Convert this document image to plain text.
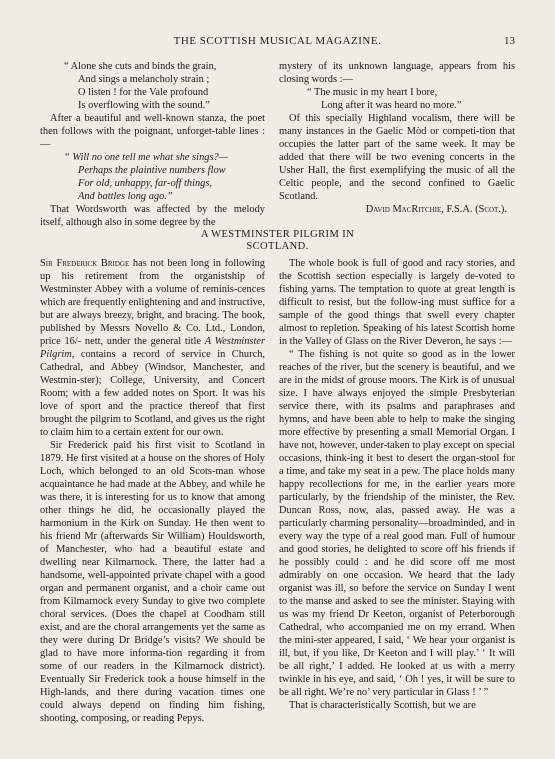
THE SCOTTISH MUSICAL MAGAZINE.	13
“ Alone she cuts and binds the grain,
And sings a melancholy strain ;
O listen ! for the Vale profound
Is overflowing with the sound.”

After a beautiful and well-known stanza, the poet then follows with the poignant, unforget-table lines :—

“ Will no one tell me what she sings?—
Perhaps the plaintive numbers flow
For old, unhappy, far-off things,
And battles long ago.”

That Wordsworth was affected by the melody itself, although also in some degree by the

mystery of its unknown language, appears from his closing words :—

“ The music in my heart I bore,
Long after it was heard no more.”

Of this specially Highland vocalism, there will be many instances in the Gaelic Mòd or competi-tion that occupies the latter part of the same week. It may be added that there will be two evening concerts in the Usher Hall, the first exemplifying the music of all the Celtic people, and the second confined to Gaelic Scotland.

David MacRitchie, F.S.A. (Scot.).
A WESTMINSTER PILGRIM IN
SCOTLAND.

Sir Frederick Bridge has not been long in following up his retirement from the organistship of Westminster Abbey with a volume of reminis-cences which are frequently enlightening and and instructive, but are always breezy, bright, and bracing. The book, published by Messrs Novello & Co. Ltd., London, price 16/- nett, under the general title A Westminster Pilgrim, contains a record of service in Church, Cathedral, and Abbey (Windsor, Manchester, and Westmin-ster); College, University, and Concert Room; with a few added notes on Sport. It was his love of sport and the practice thereof that first brought the pilgrim to Scotland, and gives us the right to claim him to a certain extent for our own.

Sir Frederick paid his first visit to Scotland in 1879. He first visited at a house on the shores of Holy Loch, which belonged to an old Scots-man whose acquaintance he had made at the Abbey, and while he was there, it is interesting for us to know that among other things he did, he occasionally played the harmonium in the Kirk on Sunday. He then went to his friend Mr (afterwards Sir William) Houldsworth, of Manchester, who had a beautiful estate and dwelling near Kilmarnock. There, the latter had a handsome, well-appointed private chapel with a good organ and permanent organist, and a choir came out from Kilmarnock every Sunday to give two complete choral services. (Does the chapel at Coodham still exist, and are the choral arrangements yet the same as they were during Dr Bridge’s visits? We should be glad to have more informa-tion regarding it from some of our readers in the Kilmarnock district). Eventually Sir Frederick took a house himself in the High-lands, and there during vacation times one could always depend on finding him fishing, shooting, composing, or reading Pepys.

The whole book is full of good and racy stories, and the Scottish section especially is largely de-voted to fishing yarns. The temptation to quote at great length is difficult to resist, but the follow-ing must suffice for a sample of the good things that swell every chapter almost to repletion. Speaking of his latest Scottish home in the Valley of Glass on the River Deveron, he says :—

“ The fishing is not quite so good as in the lower reaches of the river, but the scenery is beautiful, and we are in the midst of grouse moors. The Kirk is of unusual size. I have always enjoyed the simple Presbyterian service there, with its psalms and paraphrases and hymns, and have been able to help to make the singing more effective by presenting a small Memorial Organ. I have not, however, under-taken to play except on special occasions, think-ing it best to desert the organ-stool for a time, and take my seat in a pew. The place holds many happy recollections for me, in the earlier years more particularly, by the friendship of the minister, the Rev. Duncan Ross, now, alas, passed away. He was a particularly charming personality—broadminded, and in every way the type of a real good man. Full of humour and good stories, he delighted to score off his friends if he possibly could : and he did score off me most admirably on one occasion. We heard that the lady organist was ill, so before the service on Sunday I went to the manse and asked to see the minister. Staying with us was my friend Dr Keeton, organist of Peterborough Cathedral, who accompanied me on my errand. When the mini-ster appeared, I said, ‘ We hear your organist is ill, but, if you like, Dr Keeton and I will play.’ ‘ It will be all right,’ I added. He looked at us with a merry twinkle in his eye, and said, ‘ Oh ! yes, it will be sure to be all right. We’re no’ very particular in Glass ! ’ ”

That is characteristically Scottish, but we are
